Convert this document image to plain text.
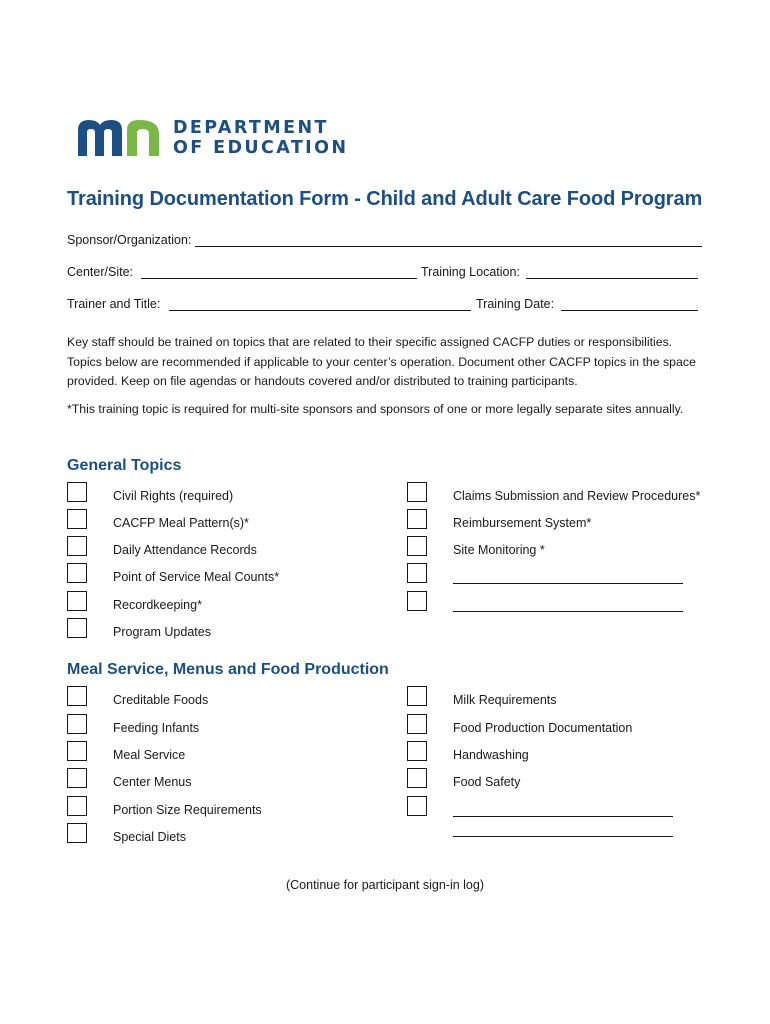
DEPARTMENT
OF EDUCATION
Training Documentation Form - Child and Adult Care Food Program
Sponsor/Organization:
Center/Site:	Training Location:
Trainer and Title:	Training Date:
Key staff should be trained on topics that are related to their specific assigned CACFP duties or responsibilities. Topics below are recommended if applicable to your center’s operation. Document other CACFP topics in the space provided. Keep on file agendas or handouts covered and/or distributed to training participants.
*This training topic is required for multi-site sponsors and sponsors of one or more legally separate sites annually.
General Topics
Civil Rights (required)
CACFP Meal Pattern(s)*
Daily Attendance Records
Point of Service Meal Counts*
Recordkeeping*
Program Updates
Claims Submission and Review Procedures*
Reimbursement System*
Site Monitoring *
Meal Service, Menus and Food Production
Creditable Foods
Feeding Infants
Meal Service
Center Menus
Portion Size Requirements
Special Diets
Milk Requirements
Food Production Documentation
Handwashing
Food Safety
(Continue for participant sign-in log)
